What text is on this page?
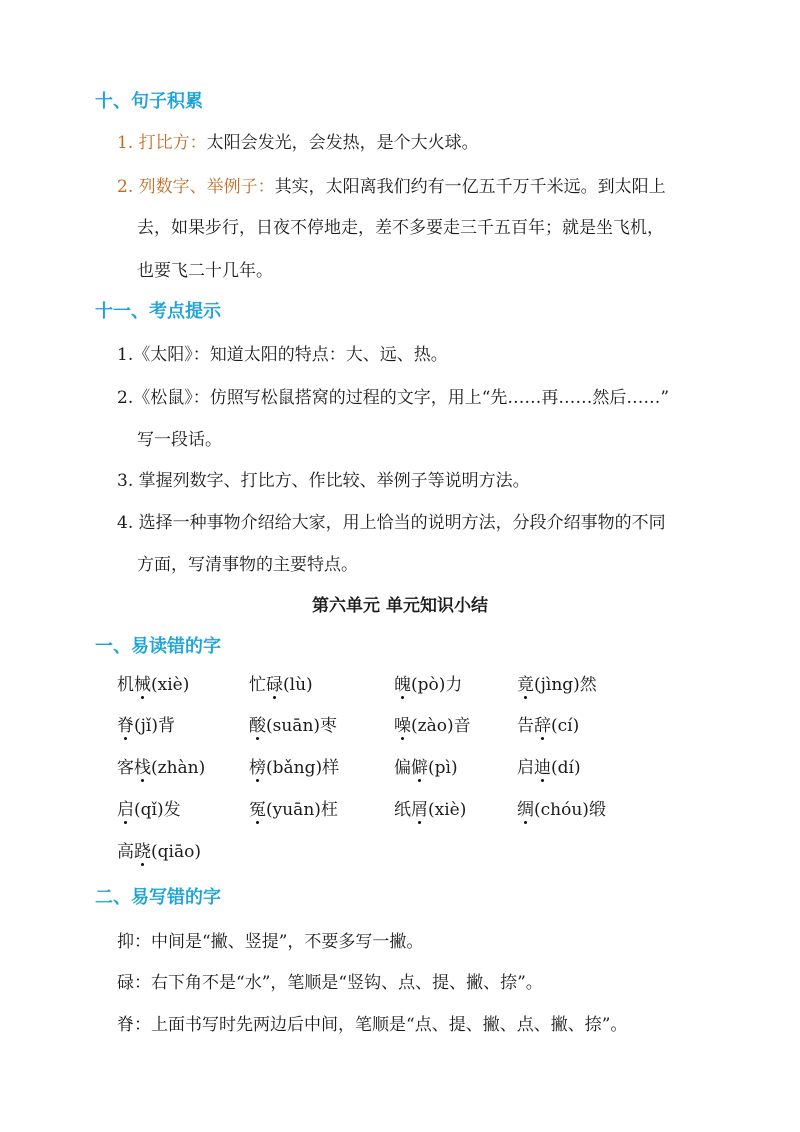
十、句子积累
1. 打比方：太阳会发光，会发热，是个大火球。
2. 列数字、举例子：其实，太阳离我们约有一亿五千万千米远。到太阳上
去，如果步行，日夜不停地走，差不多要走三千五百年；就是坐飞机，
也要飞二十几年。
十一、考点提示
1.《太阳》：知道太阳的特点：大、远、热。
2.《松鼠》：仿照写松鼠搭窝的过程的文字，用上“先……再……然后……”
写一段话。
3. 掌握列数字、打比方、作比较、举例子等说明方法。
4. 选择一种事物介绍给大家，用上恰当的说明方法，分段介绍事物的不同
方面，写清事物的主要特点。
第六单元 单元知识小结
一、易读错的字
机械(xiè)	忙碌(lù)	魄(pò)力	竟(jìng)然
脊(jǐ)背	酸(suān)枣	噪(zào)音	告辞(cí)
客栈(zhàn)	榜(bǎng)样	偏僻(pì)	启迪(dí)
启(qǐ)发	冤(yuān)枉	纸屑(xiè)	绸(chóu)缎
高跷(qiāo)
二、易写错的字
抑：中间是“撇、竖提”，不要多写一撇。
碌：右下角不是“水”，笔顺是“竖钩、点、提、撇、捺”。
脊：上面书写时先两边后中间，笔顺是“点、提、撇、点、撇、捺”。
